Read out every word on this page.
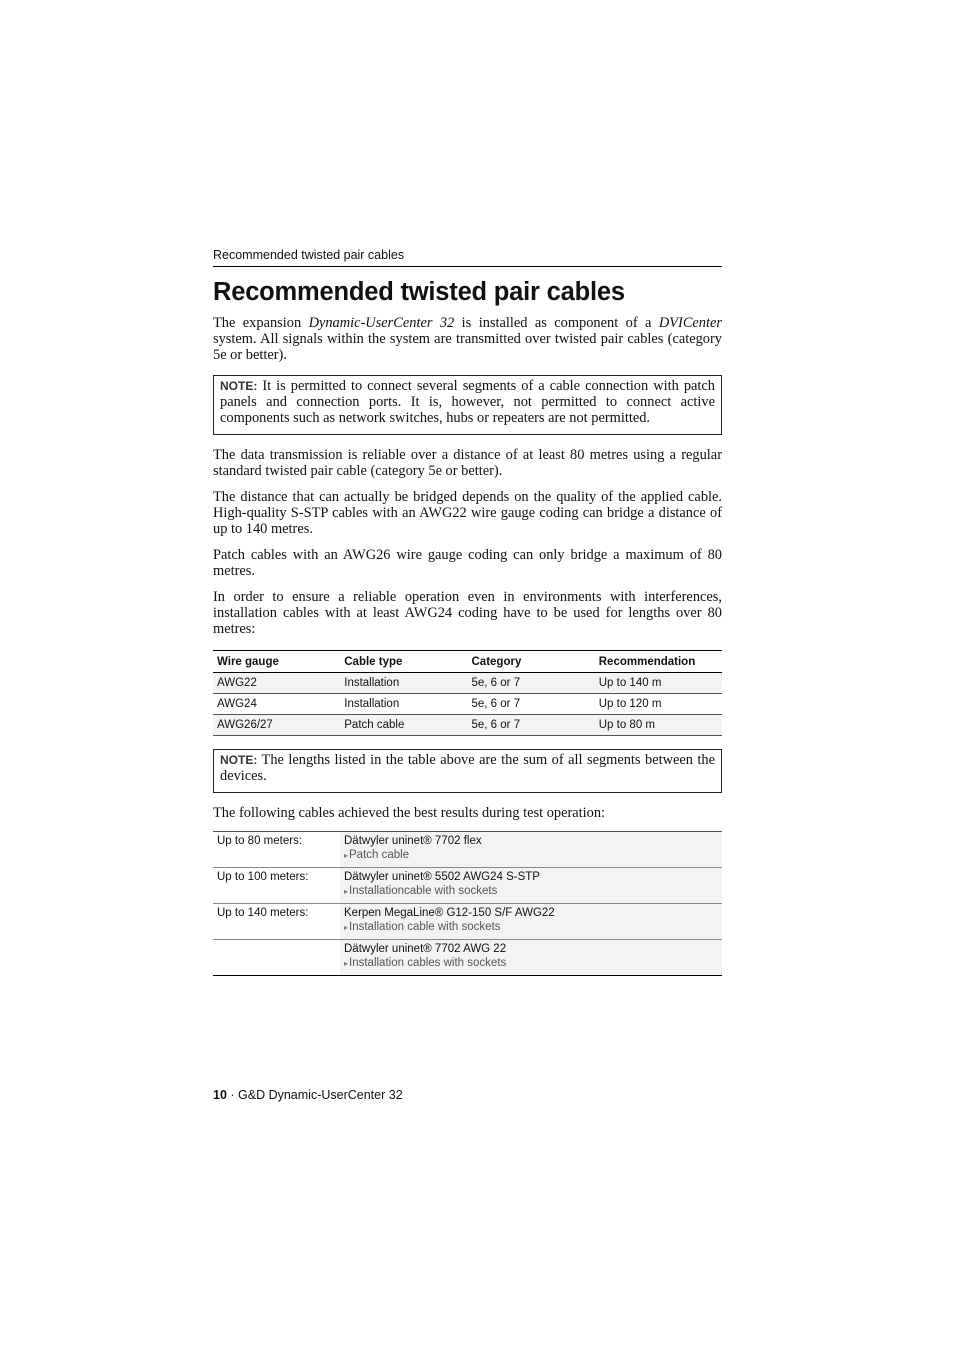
Recommended twisted pair cables
Recommended twisted pair cables

The expansion Dynamic-UserCenter 32 is installed as component of a DVICenter system. All signals within the system are transmitted over twisted pair cables (category 5e or better).

NOTE: It is permitted to connect several segments of a cable connection with patch panels and connection ports. It is, however, not permitted to connect active components such as network switches, hubs or repeaters are not permitted.

The data transmission is reliable over a distance of at least 80 metres using a regular standard twisted pair cable (category 5e or better).

The distance that can actually be bridged depends on the quality of the applied cable. High-quality S-STP cables with an AWG22 wire gauge coding can bridge a distance of up to 140 metres.

Patch cables with an AWG26 wire gauge coding can only bridge a maximum of 80 metres.

In order to ensure a reliable operation even in environments with interferences, installation cables with at least AWG24 coding have to be used for lengths over 80 metres:

Wire gauge	Cable type	Category	Recommendation
AWG22	Installation	5e, 6 or 7	Up to 140 m
AWG24	Installation	5e, 6 or 7	Up to 120 m
AWG26/27	Patch cable	5e, 6 or 7	Up to 80 m
NOTE: The lengths listed in the table above are the sum of all segments between the devices.

The following cables achieved the best results during test operation:

Up to 80 meters:	Dätwyler uninet® 7702 flex
▸ Patch cable

Up to 100 meters:	Dätwyler uninet® 5502 AWG24 S-STP
▸ Installationcable with sockets

Up to 140 meters:	Kerpen MegaLine® G12-150 S/F AWG22
▸ Installation cable with sockets

	Dätwyler uninet® 7702 AWG 22
▸ Installation cables with sockets
10 · G&D Dynamic-UserCenter 32
